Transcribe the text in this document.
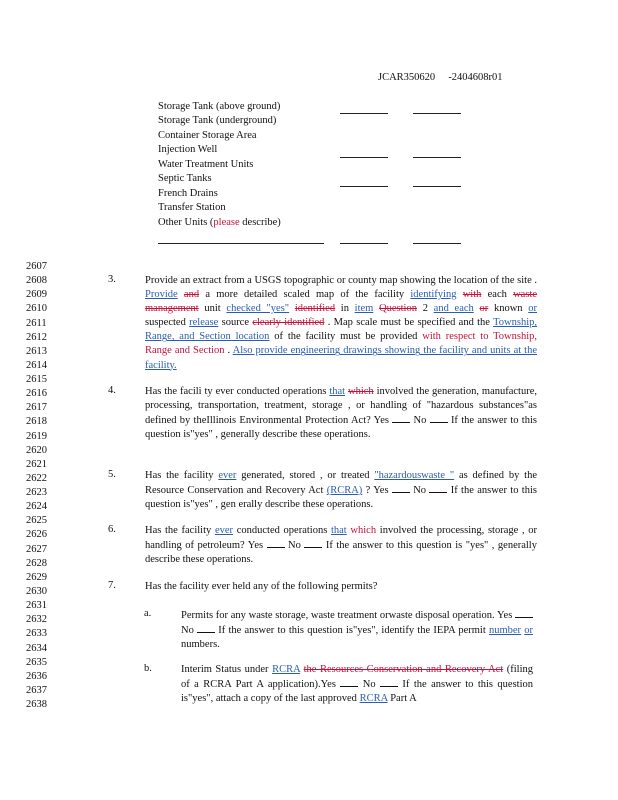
JCAR350620 -2404608r01
Storage Tank (above ground)
Storage Tank (underground)
Container Storage Area
Injection Well
Water Treatment Units
Septic Tanks
French Drains
Transfer Station
Other Units (please describe)
2607
2608
2609
2610
2611
2612
2613
2614
2615
2616
2617
2618
2619
2620
2621
2622
2623
2624
2625
2626
2627
2628
2629
2630
2631
2632
2633
2634
2635
2636
2637
2638
3.	Provide an extract from a USGS topographic or county map showing the location of the site . Provide and a more detailed scaled map of the facility identifying with each waste management unit checked "yes" identified in item Question 2 and each or known or suspected release source clearly identified . Map scale must be specified and the Township, Range, and Section location of the facility must be provided with respect to Township, Range and Section . Also provide engineering drawings showing the facility and units at the facility.
4.	Has the facili ty ever conducted operations that which involved the generation, manufacture, processing, transportation, treatment, storage , or handling of "hazardous substances"as defined by theIllinois Environmental Protection Act? Yes  No  If the answer to this question is"yes" , generally describe these operations.
5.	Has the facility ever generated, stored , or treated "hazardouswaste " as defined by the Resource Conservation and Recovery Act (RCRA) ? Yes  No  If the answer to this question is"yes" , gen erally describe these operations.
6.	Has the facility ever conducted operations that which involved the processing, storage , or handling of petroleum? Yes  No  If the answer to this question is "yes" , generally describe these operations.
7.	Has the facility ever held any of the following permits?
a.	Permits for any waste storage, waste treatment orwaste disposal operation. Yes  No  If the answer to this question is"yes", identify the IEPA permit number or numbers.
b.	Interim Status under RCRA the Resources Conservation and Recovery Act (filing of a RCRA Part A application).Yes  No  If the answer to this question is"yes", attach a copy of the last approved RCRA Part A
